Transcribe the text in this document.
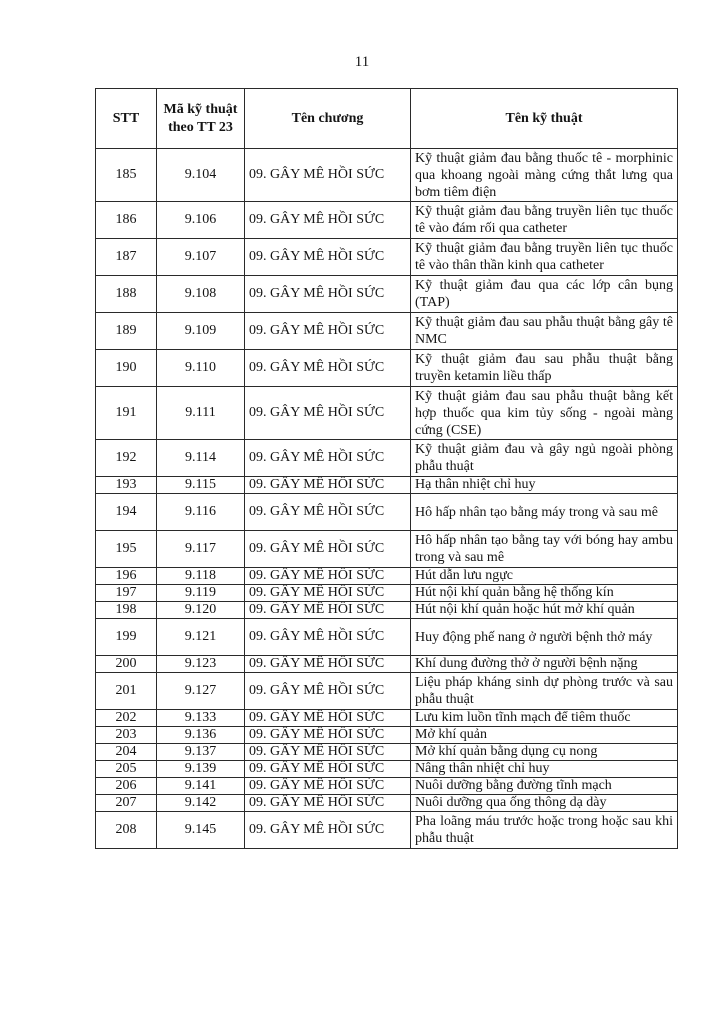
11
STT	Mã kỹ thuật theo TT 23	Tên chương	Tên kỹ thuật
185	9.104	09. GÂY MÊ HỒI SỨC	Kỹ thuật giảm đau bằng thuốc tê - morphinic qua khoang ngoài màng cứng thắt lưng qua bơm tiêm điện
186	9.106	09. GÂY MÊ HỒI SỨC	Kỹ thuật giảm đau bằng truyền liên tục thuốc tê vào đám rối qua catheter
187	9.107	09. GÂY MÊ HỒI SỨC	Kỹ thuật giảm đau bằng truyền liên tục thuốc tê vào thân thần kinh qua catheter
188	9.108	09. GÂY MÊ HỒI SỨC	Kỹ thuật giảm đau qua các lớp cân bụng (TAP)
189	9.109	09. GÂY MÊ HỒI SỨC	Kỹ thuật giảm đau sau phẫu thuật bằng gây tê NMC
190	9.110	09. GÂY MÊ HỒI SỨC	Kỹ thuật giảm đau sau phẫu thuật bằng truyền ketamin liều thấp
191	9.111	09. GÂY MÊ HỒI SỨC	Kỹ thuật giảm đau sau phẫu thuật bằng kết hợp thuốc qua kim tủy sống - ngoài màng cứng (CSE)
192	9.114	09. GÂY MÊ HỒI SỨC	Kỹ thuật giảm đau và gây ngủ ngoài phòng phẫu thuật
193	9.115	09. GÂY MÊ HỒI SỨC	Hạ thân nhiệt chỉ huy
194	9.116	09. GÂY MÊ HỒI SỨC	Hô hấp nhân tạo bằng máy trong và sau mê
195	9.117	09. GÂY MÊ HỒI SỨC	Hô hấp nhân tạo bằng tay với bóng hay ambu trong và sau mê
196	9.118	09. GÂY MÊ HỒI SỨC	Hút dẫn lưu ngực
197	9.119	09. GÂY MÊ HỒI SỨC	Hút nội khí quản bằng hệ thống kín
198	9.120	09. GÂY MÊ HỒI SỨC	Hút nội khí quản hoặc hút mở khí quản
199	9.121	09. GÂY MÊ HỒI SỨC	Huy động phế nang ở người bệnh thở máy
200	9.123	09. GÂY MÊ HỒI SỨC	Khí dung đường thở ở người bệnh nặng
201	9.127	09. GÂY MÊ HỒI SỨC	Liệu pháp kháng sinh dự phòng trước và sau phẫu thuật
202	9.133	09. GÂY MÊ HỒI SỨC	Lưu kim luồn tĩnh mạch để tiêm thuốc
203	9.136	09. GÂY MÊ HỒI SỨC	Mở khí quản
204	9.137	09. GÂY MÊ HỒI SỨC	Mở khí quản bằng dụng cụ nong
205	9.139	09. GÂY MÊ HỒI SỨC	Nâng thân nhiệt chỉ huy
206	9.141	09. GÂY MÊ HỒI SỨC	Nuôi dưỡng bằng đường tĩnh mạch
207	9.142	09. GÂY MÊ HỒI SỨC	Nuôi dưỡng qua ống thông dạ dày
208	9.145	09. GÂY MÊ HỒI SỨC	Pha loãng máu trước hoặc trong hoặc sau khi phẫu thuật
